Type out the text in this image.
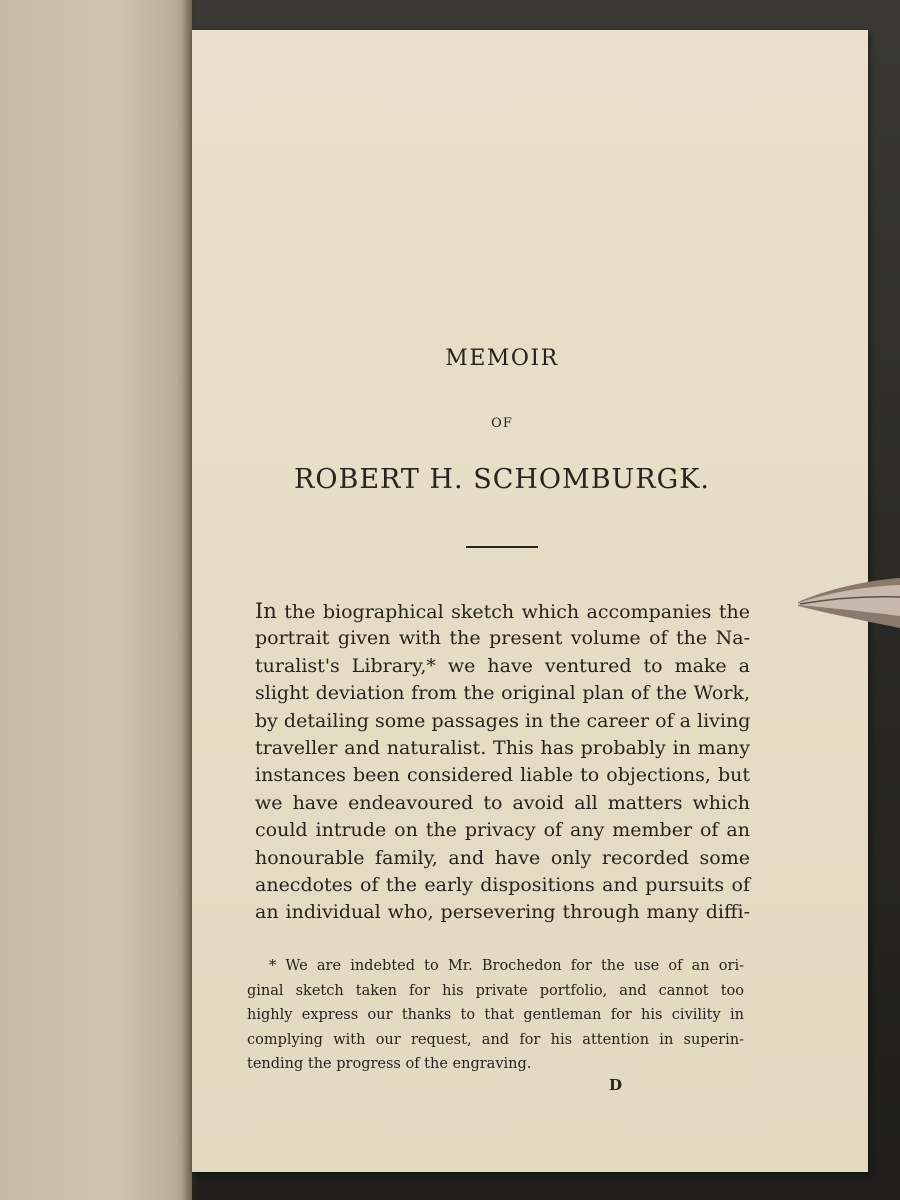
MEMOIR

OF

ROBERT H. SCHOMBURGK.

In the biographical sketch which accompanies the
portrait given with the present volume of the Na-
turalist's Library,* we have ventured to make a
slight deviation from the original plan of the Work,
by detailing some passages in the career of a living
traveller and naturalist. This has probably in many
instances been considered liable to objections, but
we have endeavoured to avoid all matters which
could intrude on the privacy of any member of an
honourable family, and have only recorded some
anecdotes of the early dispositions and pursuits of
an individual who, persevering through many diffi-

* We are indebted to Mr. Brochedon for the use of an ori-
ginal sketch taken for his private portfolio, and cannot too
highly express our thanks to that gentleman for his civility in
complying with our request, and for his attention in superin-
tending the progress of the engraving.

D
